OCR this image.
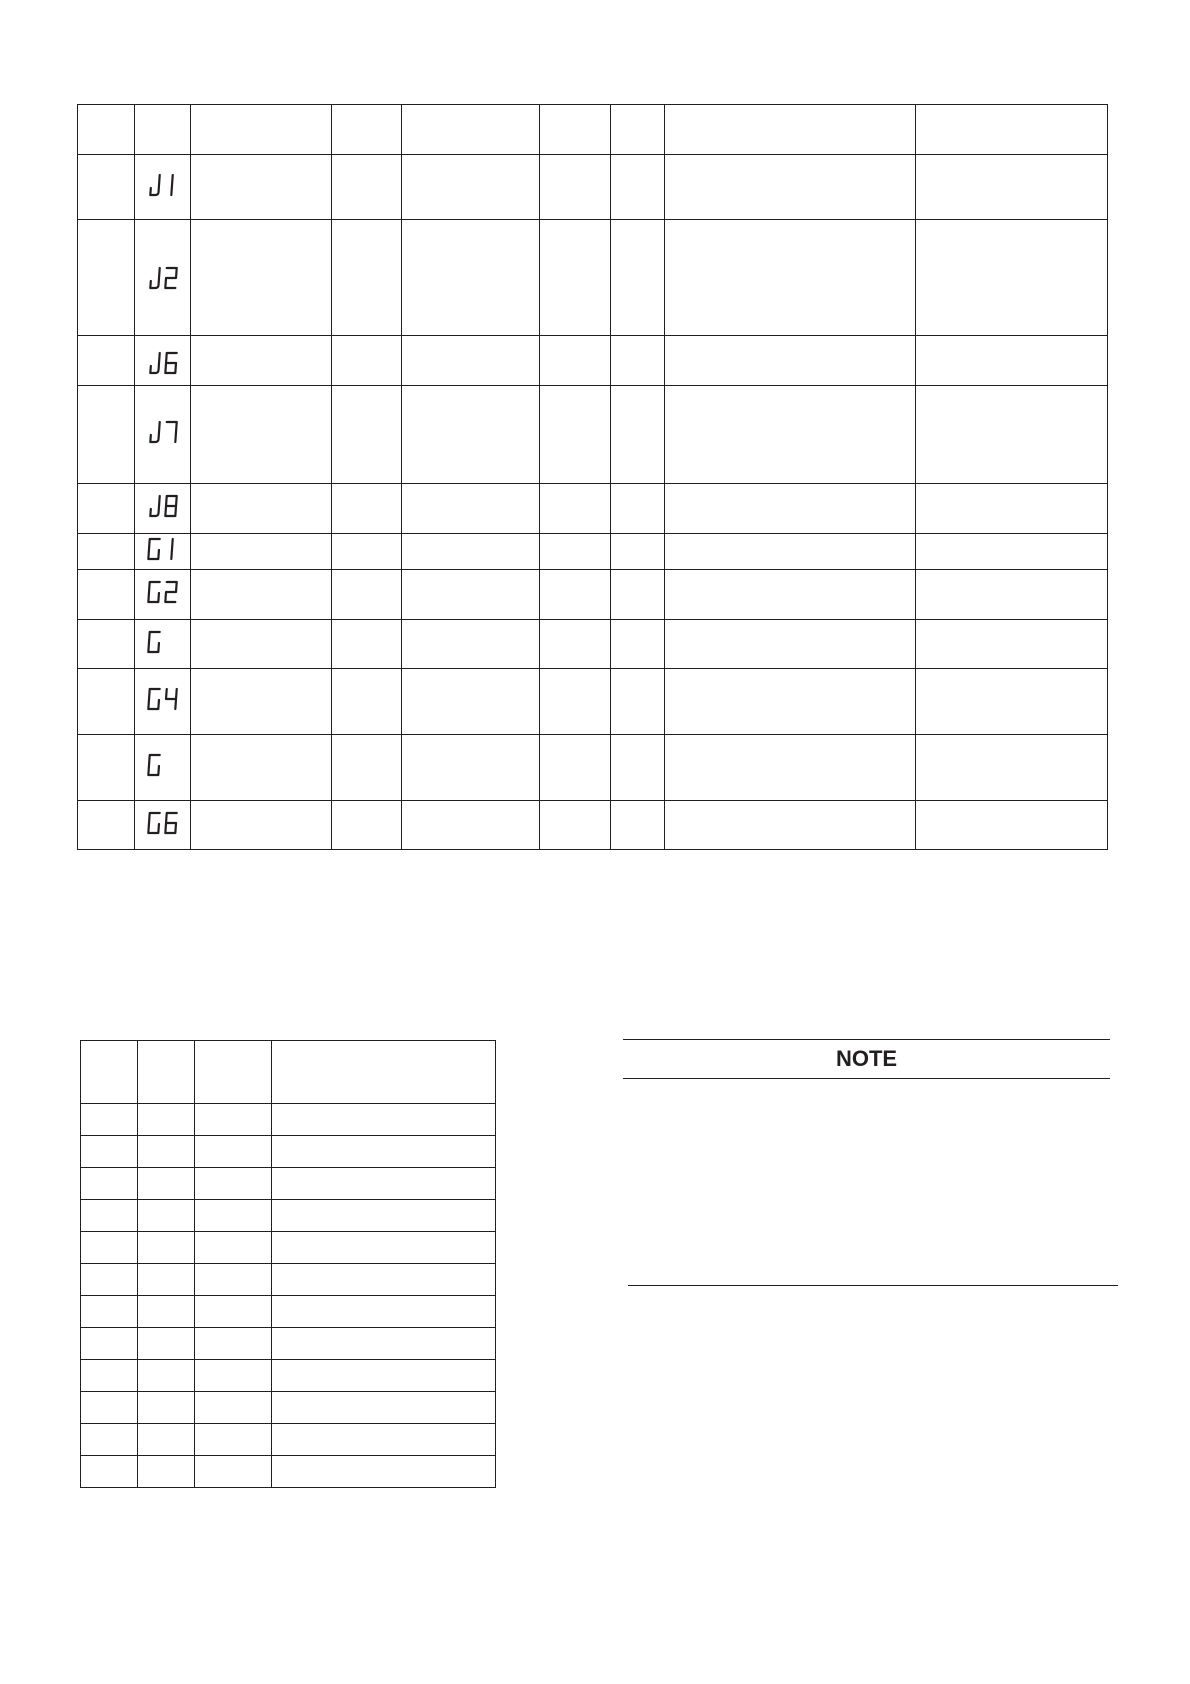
NOTE
